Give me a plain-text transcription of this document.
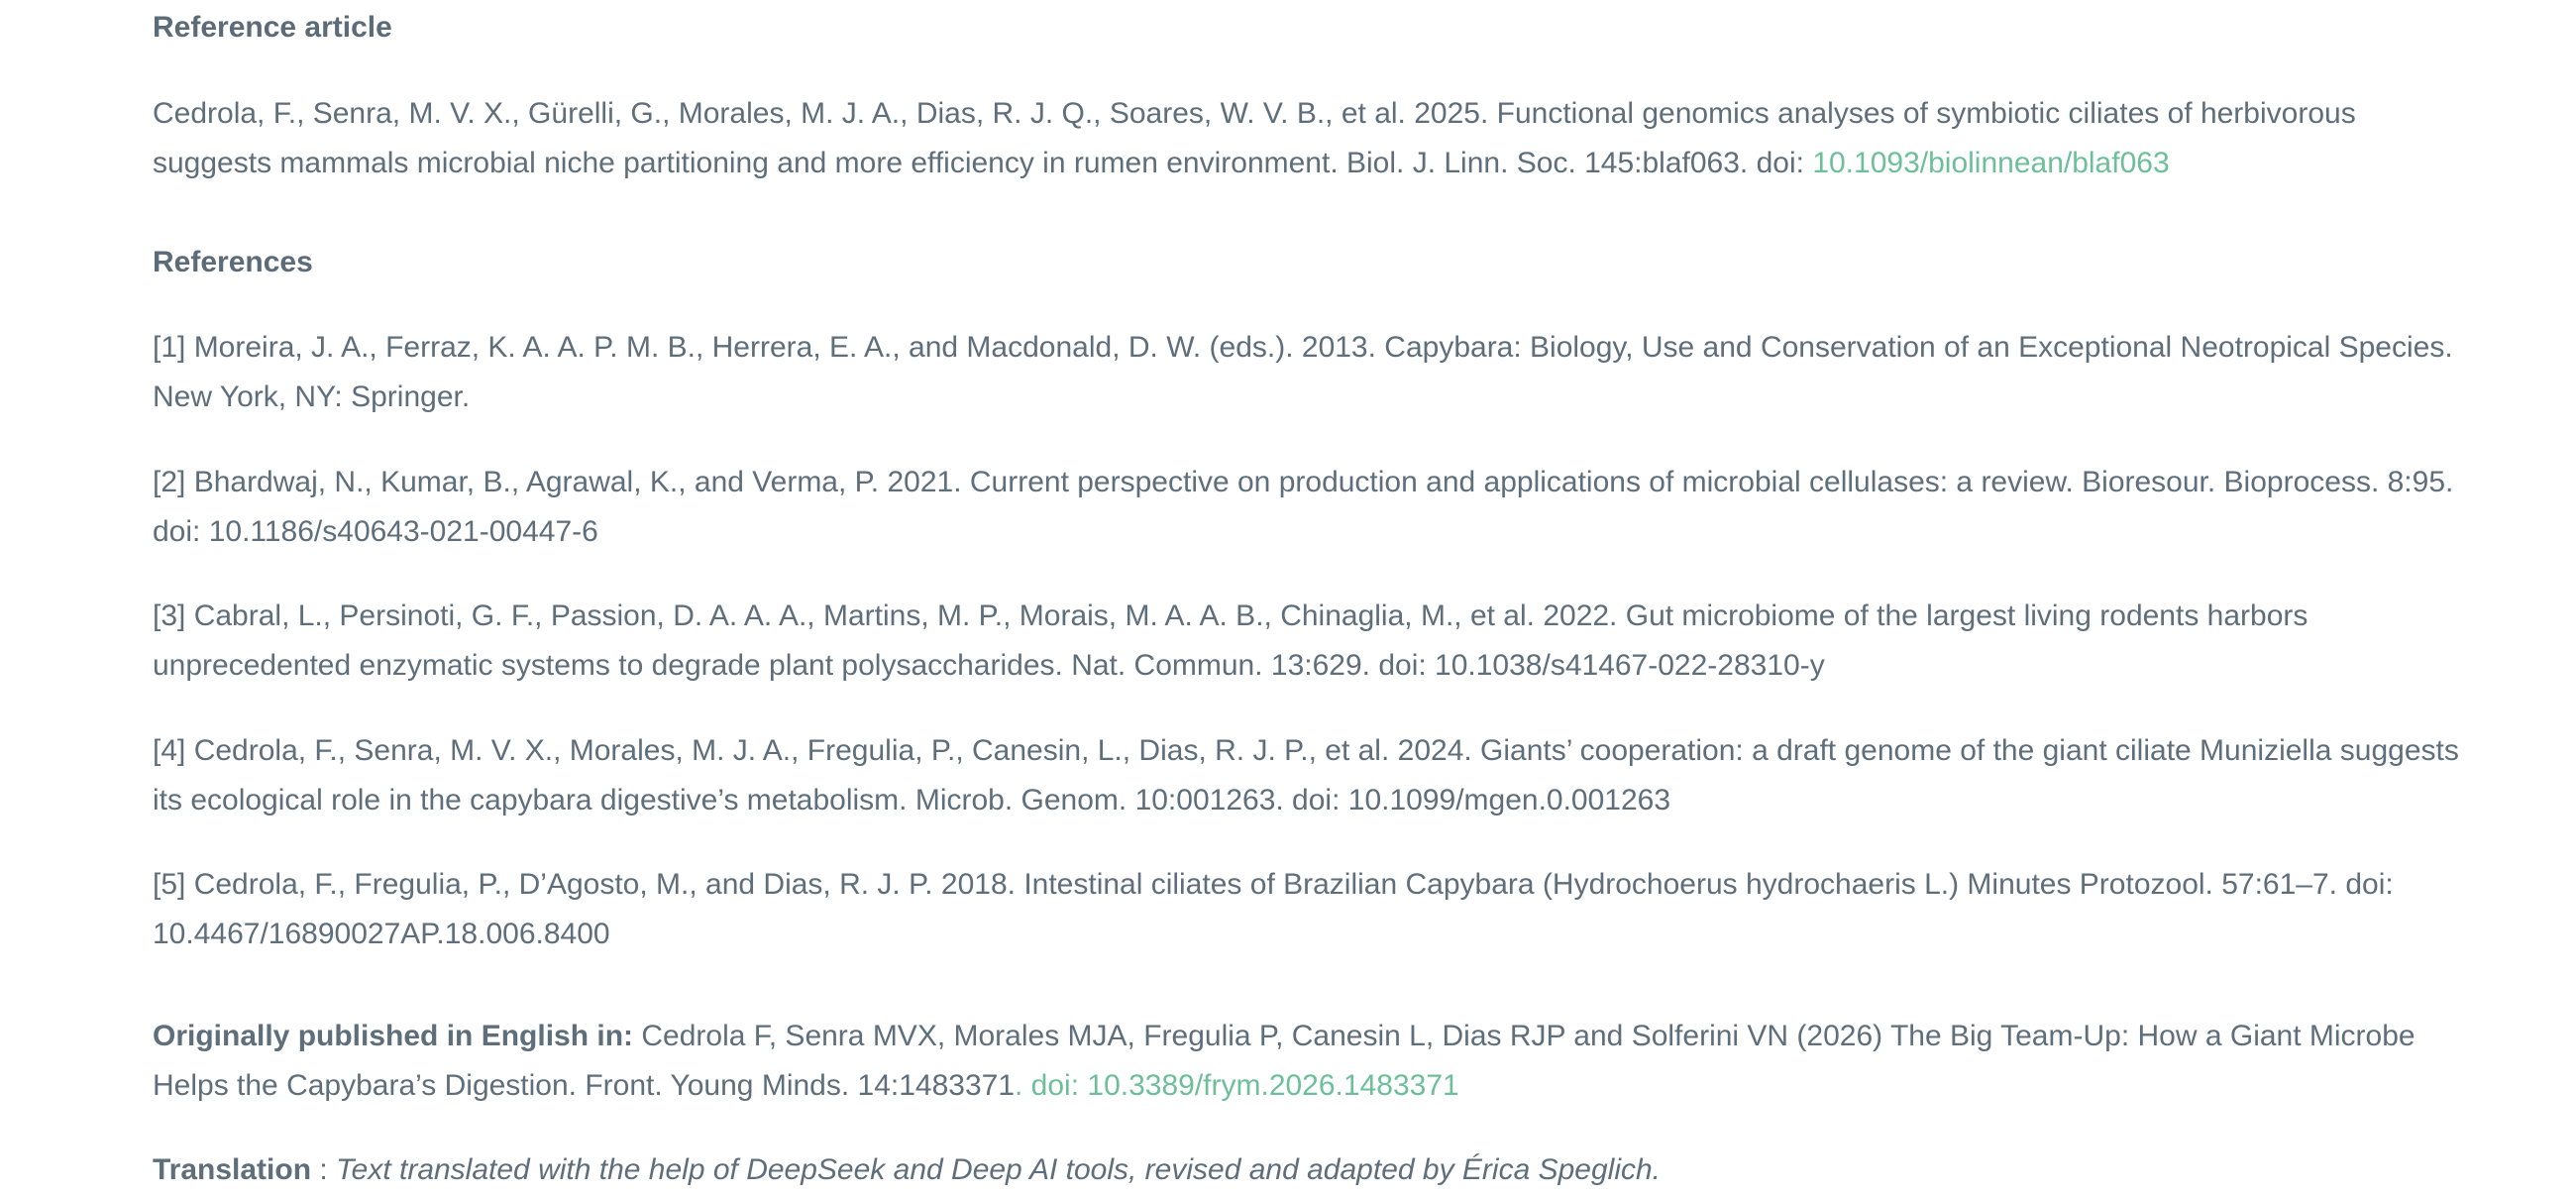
Reference article

Cedrola, F., Senra, M. V. X., Gürelli, G., Morales, M. J. A., Dias, R. J. Q., Soares, W. V. B., et al. 2025. Functional genomics analyses of symbiotic ciliates of herbivorous suggests mammals microbial niche partitioning and more efficiency in rumen environment. Biol. J. Linn. Soc. 145:blaf063. doi: 10.1093/biolinnean/blaf063

References

[1] Moreira, J. A., Ferraz, K. A. A. P. M. B., Herrera, E. A., and Macdonald, D. W. (eds.). 2013. Capybara: Biology, Use and Conservation of an Exceptional Neotropical Species. New York, NY: Springer.

[2] Bhardwaj, N., Kumar, B., Agrawal, K., and Verma, P. 2021. Current perspective on production and applications of microbial cellulases: a review. Bioresour. Bioprocess. 8:95. doi: 10.1186/s40643-021-00447-6

[3] Cabral, L., Persinoti, G. F., Passion, D. A. A. A., Martins, M. P., Morais, M. A. A. B., Chinaglia, M., et al. 2022. Gut microbiome of the largest living rodents harbors unprecedented enzymatic systems to degrade plant polysaccharides. Nat. Commun. 13:629. doi: 10.1038/s41467-022-28310-y

[4] Cedrola, F., Senra, M. V. X., Morales, M. J. A., Fregulia, P., Canesin, L., Dias, R. J. P., et al. 2024. Giants’ cooperation: a draft genome of the giant ciliate Muniziella suggests its ecological role in the capybara digestive’s metabolism. Microb. Genom. 10:001263. doi: 10.1099/mgen.0.001263

[5] Cedrola, F., Fregulia, P., D’Agosto, M., and Dias, R. J. P. 2018. Intestinal ciliates of Brazilian Capybara (Hydrochoerus hydrochaeris L.) Minutes Protozool. 57:61–7. doi: 10.4467/16890027AP.18.006.8400

Originally published in English in: Cedrola F, Senra MVX, Morales MJA, Fregulia P, Canesin L, Dias RJP and Solferini VN (2026) The Big Team-Up: How a Giant Microbe Helps the Capybara’s Digestion. Front. Young Minds. 14:1483371. doi: 10.3389/frym.2026.1483371

Translation : Text translated with the help of DeepSeek and Deep AI tools, revised and adapted by Érica Speglich.
